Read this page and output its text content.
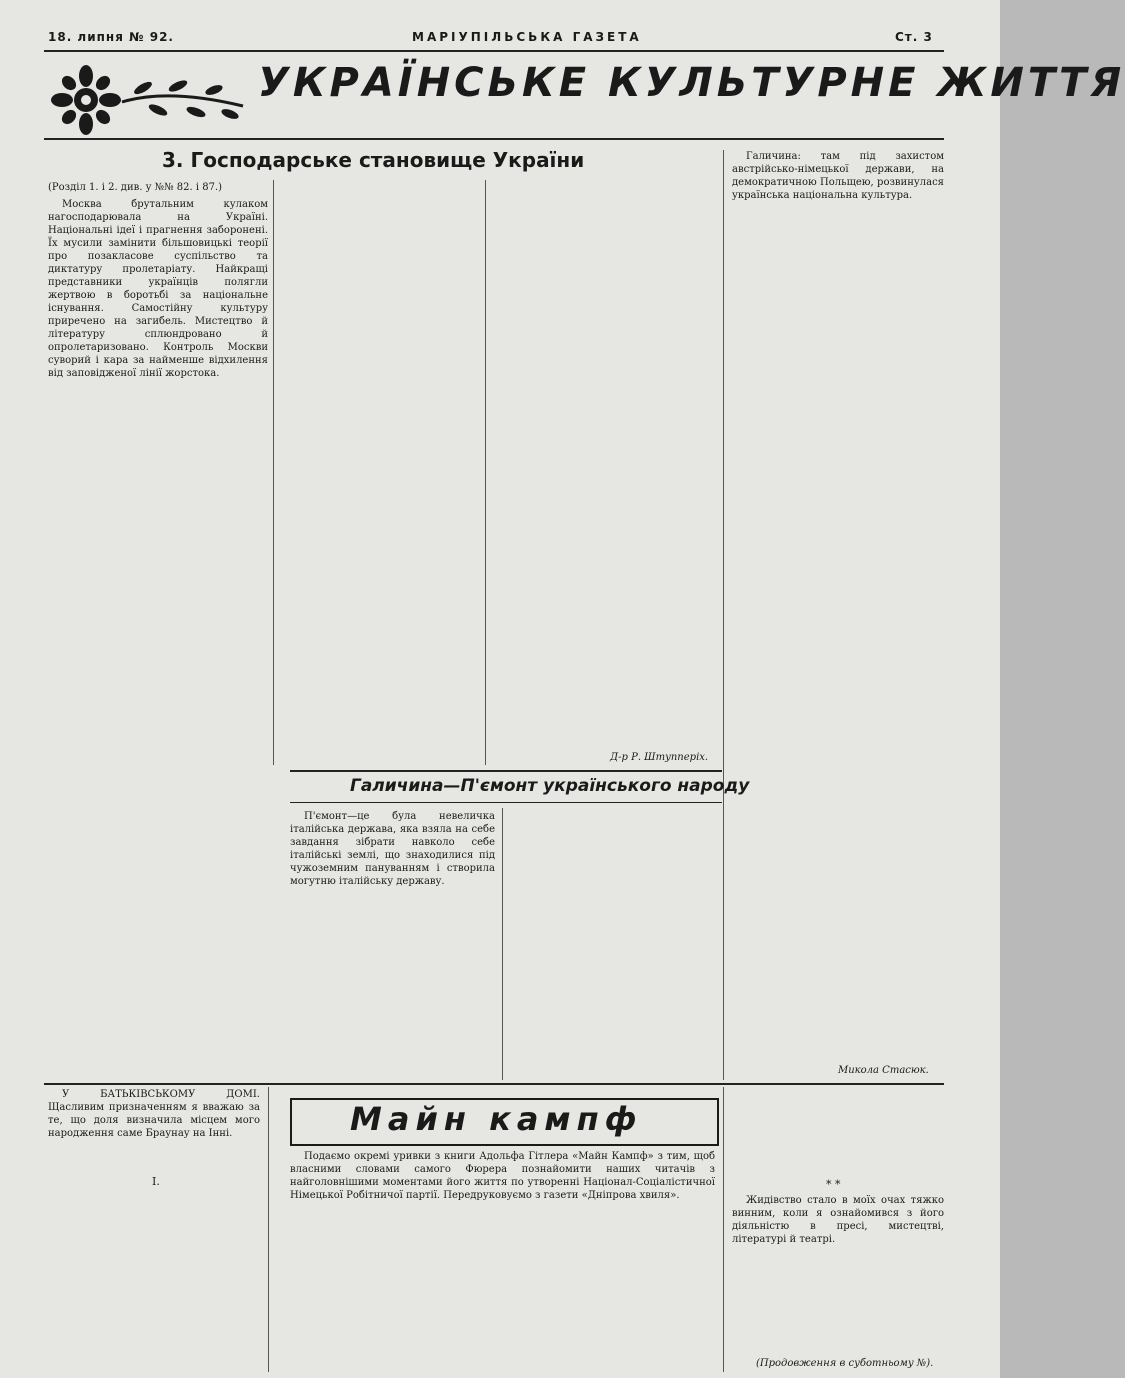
18. липня № 92.	МАРІУПІЛЬСЬКА ГАЗЕТА	Ст. 3
УКРАЇНСЬКЕ КУЛЬТУРНЕ ЖИТТЯ
3. Господарське становище України
(Розділ 1. і 2. див. у №№ 82. і 87.)

Москва брутальним кулаком нагосподарювала на Україні. Національні ідеї і прагнення заборонені. Їх мусили замінити більшовицькі теорії про позакласове суспільство та диктатуру пролетаріату. Найкращі представники українців полягли жертвою в боротьбі за національне існування. Самостійну культуру приречено на загибель. Мистецтво й літературу сплюндровано й опролетаризовано. Контроль Москви суворий і кара за найменше відхилення від заповідженої лінії жорстока.

Д-р Р. Штупперіх.

Галичина: там під захистом австрійсько-німецької держави, на демократичною Польщею, розвинулася українська національна культура.

Галичина—П'ємонт українського народу

П'ємонт—це була невеличка італійська держава, яка взяла на себе завдання зібрати навколо себе італійські землі, що знаходилися під чужоземним пануванням і створила могутню італійську державу.

Микола Стасюк.

У БАТЬКІВСЬКОМУ ДОМІ. Щасливим призначенням я вважаю за те, що доля визначила місцем мого народження саме Браунау на Інні.

I.
Майн кампф

Подаємо окремі уривки з книги Адольфа Гітлера «Майн Кампф» з тим, щоб власними словами самого Фюрера познайомити наших читачів з найголовнішими моментами його життя по утворенні Націонал-Соціалістичної Німецької Робітничої партії. Передруковуємо з газети «Дніпрова хвиля».

* *

Жидівство стало в моїх очах тяжко винним, коли я ознайомився з його діяльністю в пресі, мистецтві, літературі й театрі.

(Продовження в суботньому №).
